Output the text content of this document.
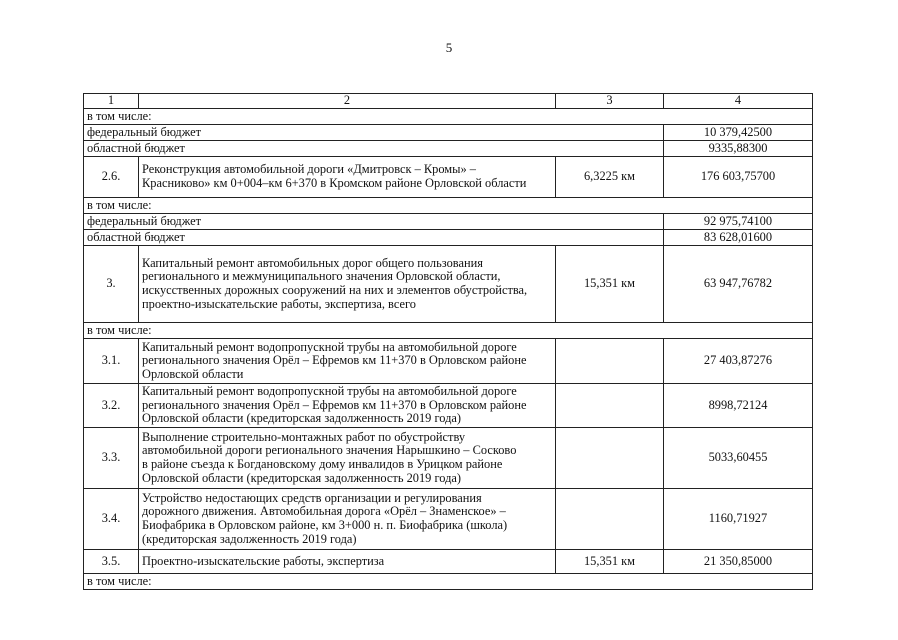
5
1	2	3	4
в том числе:			
федеральный бюджет			10 379,42500
областной бюджет			9335,88300
2.6.	Реконструкция автомобильной дороги «Дмитровск – Кромы» –
Красниково» км 0+004–км 6+370 в Кромском районе Орловской области	6,3225 км	176 603,75700
в том числе:			
федеральный бюджет			92 975,74100
областной бюджет			83 628,01600
3.	Капитальный ремонт автомобильных дорог общего пользования
регионального и межмуниципального значения Орловской области,
искусственных дорожных сооружений на них и элементов обустройства,
проектно-изыскательские работы, экспертиза, всего	15,351 км	63 947,76782
в том числе:			
3.1.	Капитальный ремонт водопропускной трубы на автомобильной дороге
регионального значения Орёл – Ефремов км 11+370 в Орловском районе
Орловской области		27 403,87276
3.2.	Капитальный ремонт водопропускной трубы на автомобильной дороге
регионального значения Орёл – Ефремов км 11+370 в Орловском районе
Орловской области (кредиторская задолженность 2019 года)		8998,72124
3.3.	Выполнение строительно-монтажных работ по обустройству
автомобильной дороги регионального значения Нарышкино – Сосково
в районе съезда к Богдановскому дому инвалидов в Урицком районе
Орловской области (кредиторская задолженность 2019 года)		5033,60455
3.4.	Устройство недостающих средств организации и регулирования
дорожного движения. Автомобильная дорога «Орёл – Знаменское» –
Биофабрика в Орловском районе, км 3+000 н. п. Биофабрика (школа)
(кредиторская задолженность 2019 года)		1160,71927
3.5.	Проектно-изыскательские работы, экспертиза	15,351 км	21 350,85000
в том числе:			
